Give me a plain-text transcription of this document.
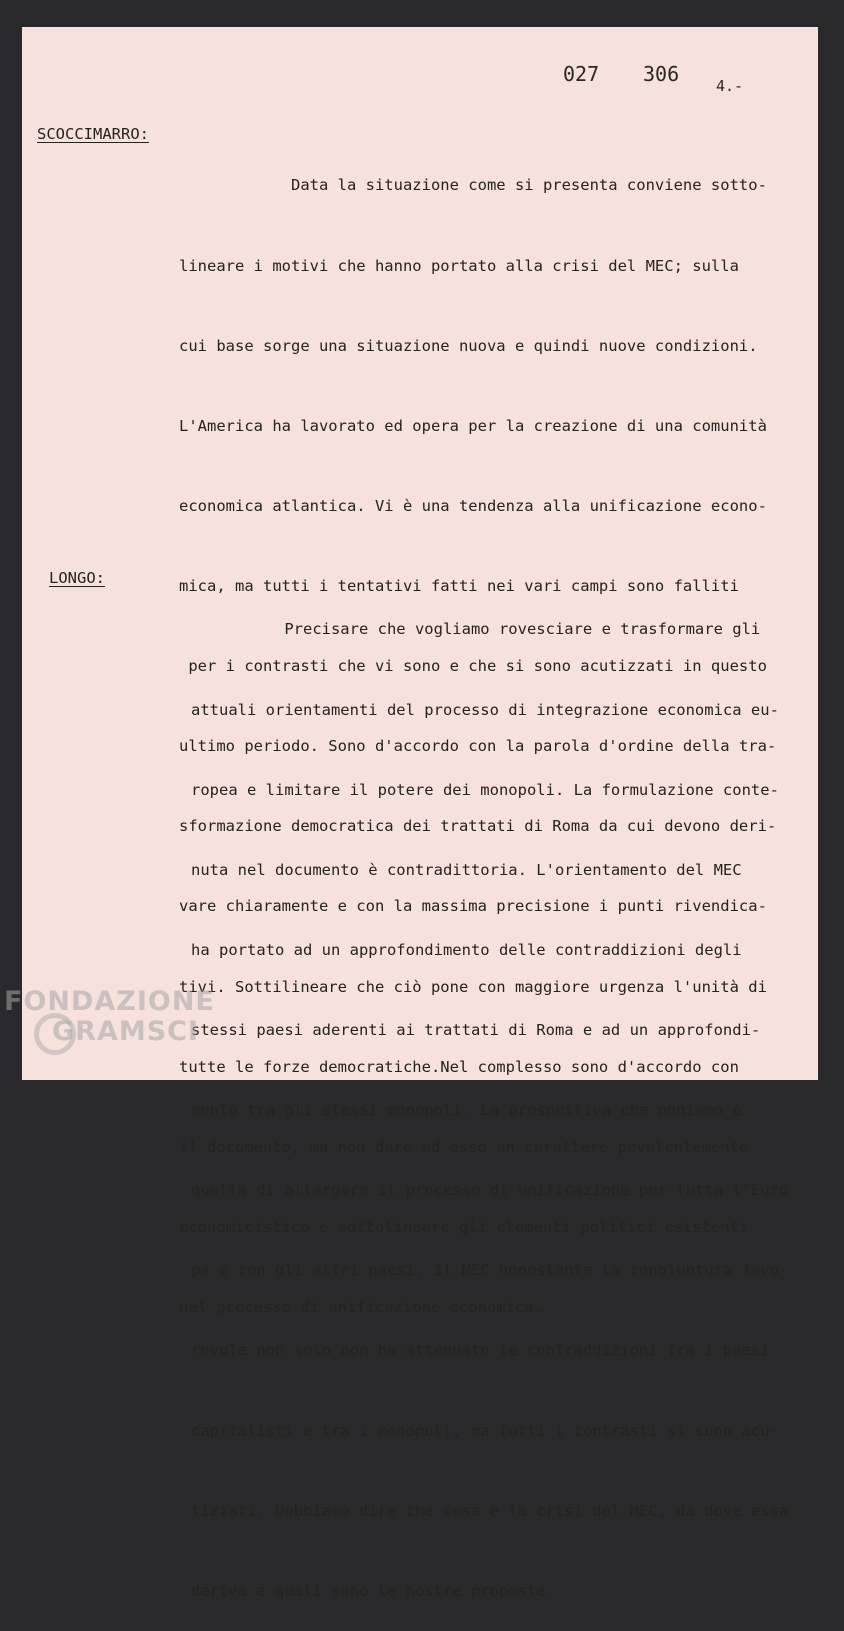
027 306 4.-
SCOCCIMARRO:

Data la situazione come si presenta conviene sotto-

lineare i motivi che hanno portato alla crisi del MEC; sulla

cui base sorge una situazione nuova e quindi nuove condizioni.

L'America ha lavorato ed opera per la creazione di una comunità

economica atlantica. Vi è una tendenza alla unificazione econo-

mica, ma tutti i tentativi fatti nei vari campi sono falliti

per i contrasti che vi sono e che si sono acutizzati in questo

ultimo periodo. Sono d'accordo con la parola d'ordine della tra-

sformazione democratica dei trattati di Roma da cui devono deri-

vare chiaramente e con la massima precisione i punti rivendica-

tivi. Sottilineare che ciò pone con maggiore urgenza l'unità di

tutte le forze democratiche.Nel complesso sono d'accordo con

il documento, ma non dare ad esso un carattere pevalentemente

economicistico e sottolineare gli elementi politici esistenti

nel processo di unificazione economica.

LONGO:

Precisare che vogliamo rovesciare e trasformare gli

attuali orientamenti del processo di integrazione economica eu-

ropea e limitare il potere dei monopoli. La formulazione conte-

nuta nel documento è contradittoria. L'orientamento del MEC

ha portato ad un approfondimento delle contraddizioni degli

stessi paesi aderenti ai trattati di Roma e ad un approfondi-

mento tra gli stessi monopoli. La prospettiva che poniamo è

quella di allargare il processo di unificazione per tutta l'Euro

pa e con gli altri paesi. Il MEC nonostante la congiuntura favo-

revole non solo non ha attenuato le contraddizioni tra i paesi

capitalisti e tra i monopoli, ma tutti i contrasti si sono acu-

tizzati. Dobbiamo dire che cosa è la crisi del MEC, da dove essa

deriva e quali sono le nostre proposte.

FONDAZIONE
GRAMSCI
